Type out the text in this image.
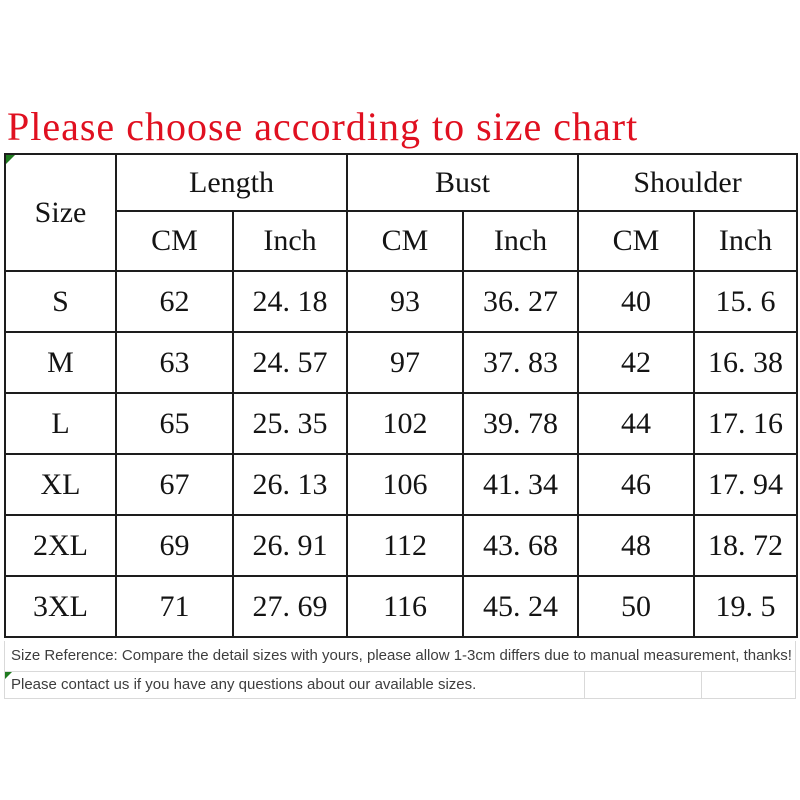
Please choose according to size chart
Size	Length		Bust		Shoulder	
	CM	Inch	CM	Inch	CM	Inch
S	62	24. 18	93	36. 27	40	15. 6
M	63	24. 57	97	37. 83	42	16. 38
L	65	25. 35	102	39. 78	44	17. 16
XL	67	26. 13	106	41. 34	46	17. 94
2XL	69	26. 91	112	43. 68	48	18. 72
3XL	71	27. 69	116	45. 24	50	19. 5
Size Reference: Compare the detail sizes with yours, please allow 1-3cm differs due to manual measurement, thanks!
Please contact us if you have any questions about our available sizes.
